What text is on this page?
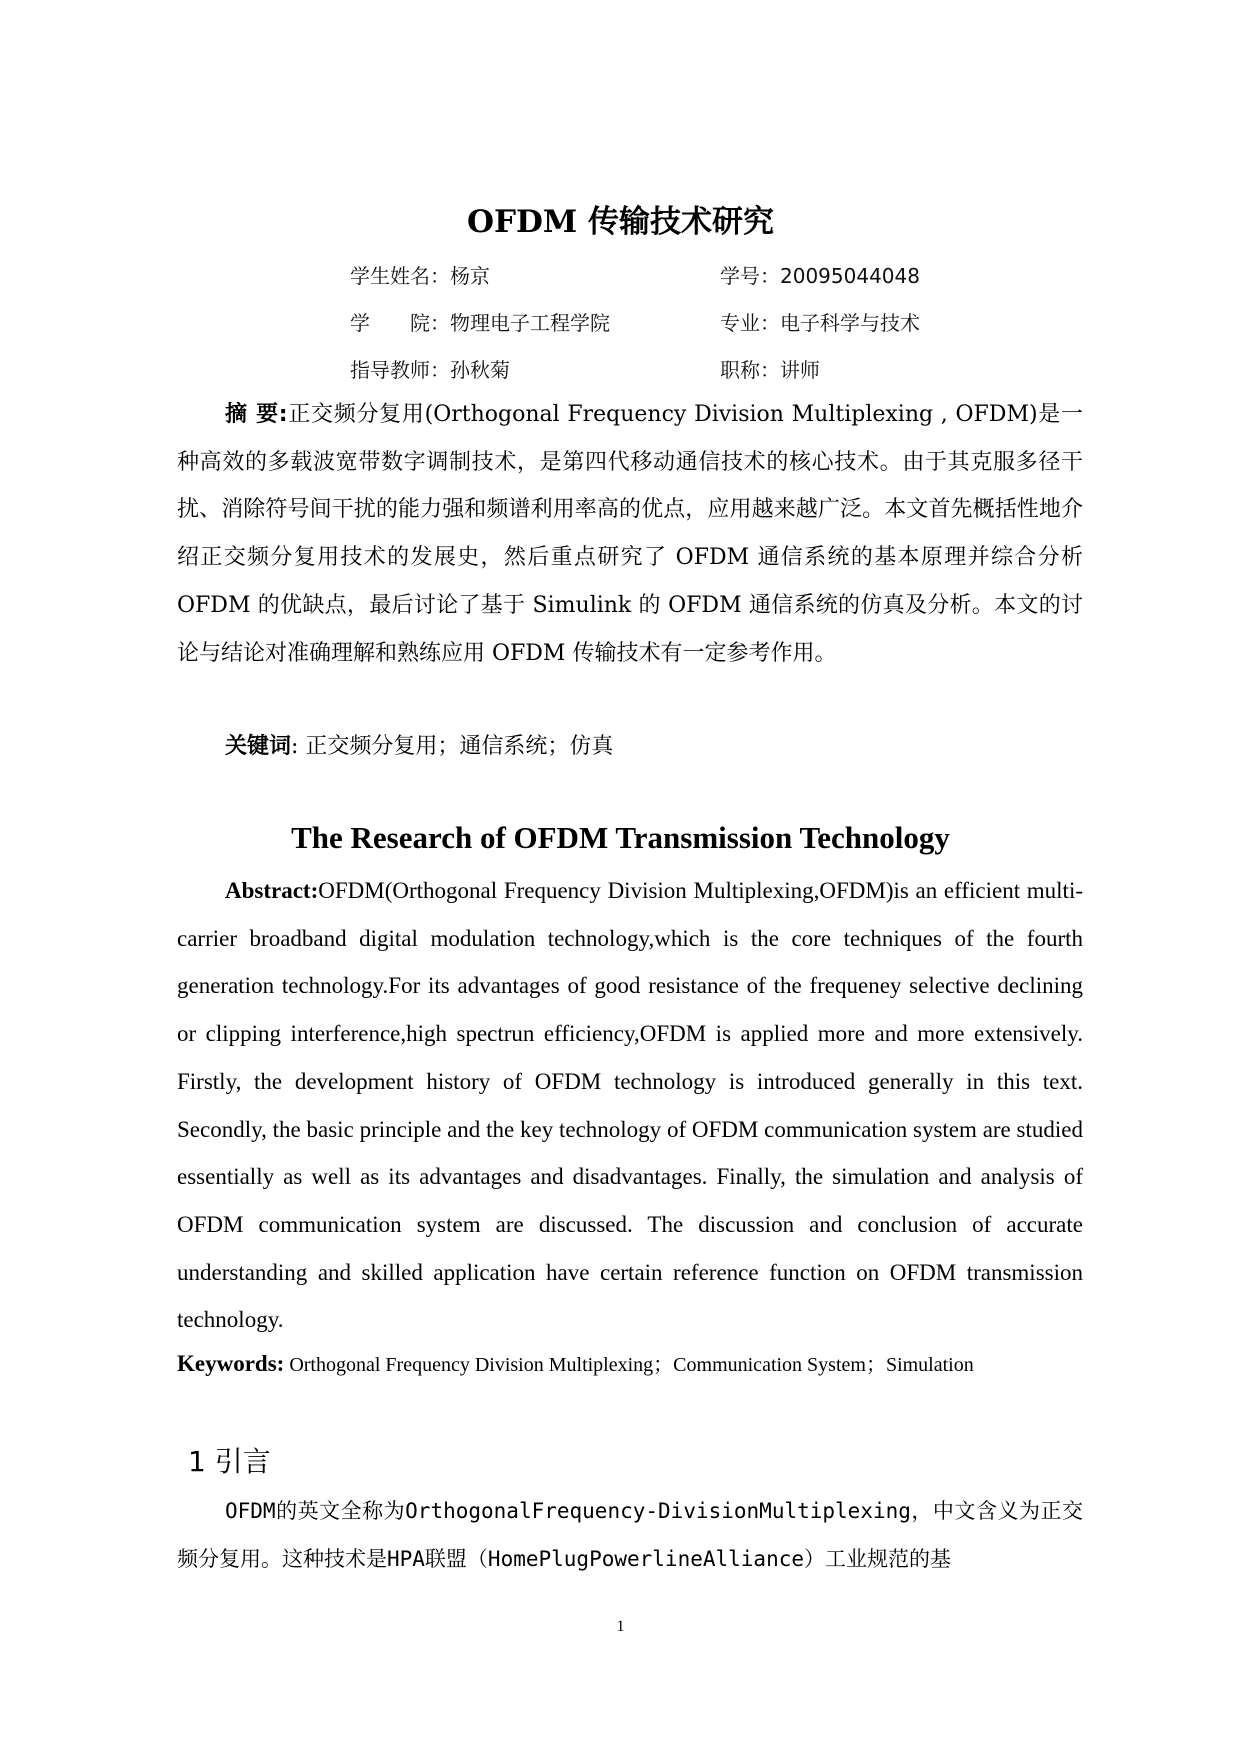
OFDM 传输技术研究
学生姓名：杨京	学号：20095044048
学　　院：物理电子工程学院	专业：电子科学与技术
指导教师：孙秋菊	职称：讲师
摘 要:正交频分复用(Orthogonal Frequency Division Multiplexing , OFDM)是一种高效的多载波宽带数字调制技术，是第四代移动通信技术的核心技术。由于其克服多径干扰、消除符号间干扰的能力强和频谱利用率高的优点，应用越来越广泛。本文首先概括性地介绍正交频分复用技术的发展史，然后重点研究了 OFDM 通信系统的基本原理并综合分析 OFDM 的优缺点，最后讨论了基于 Simulink 的 OFDM 通信系统的仿真及分析。本文的讨论与结论对准确理解和熟练应用 OFDM 传输技术有一定参考作用。
关键词: 正交频分复用；通信系统；仿真
The Research of OFDM Transmission Technology
Abstract:OFDM(Orthogonal Frequency Division Multiplexing,OFDM)is an efficient multi-carrier broadband digital modulation technology,which is the core techniques of the fourth generation technology.For its advantages of good resistance of the frequeney selective declining or clipping interference,high spectrun efficiency,OFDM is applied more and more extensively. Firstly, the development history of OFDM technology is introduced generally in this text. Secondly, the basic principle and the key technology of OFDM communication system are studied essentially as well as its advantages and disadvantages. Finally, the simulation and analysis of OFDM communication system are discussed. The discussion and conclusion of accurate understanding and skilled application have certain reference function on OFDM transmission technology.
Keywords: Orthogonal Frequency Division Multiplexing；Communication System；Simulation
1 引言
OFDM的英文全称为OrthogonalFrequency-DivisionMultiplexing，中文含义为正交频分复用。这种技术是HPA联盟（HomePlugPowerlineAlliance）工业规范的基
1
